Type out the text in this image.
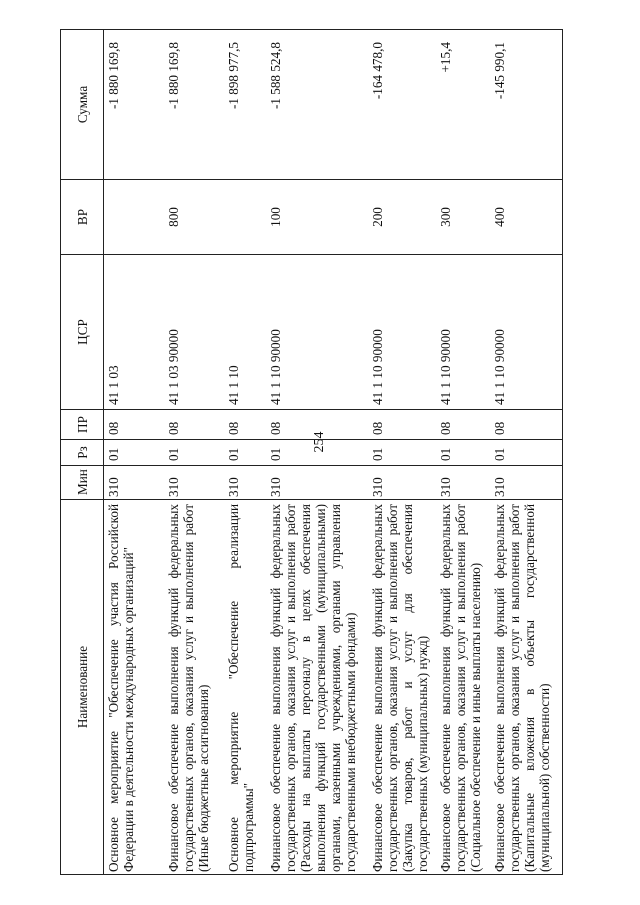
254
Наименование	Мин	Рз	ПР	ЦСР	ВР	Сумма
Основное мероприятие "Обеспечение участия Российской Федерации в деятельности международных организаций"	310	01	08	41 1 03		-1 880 169,8
Финансовое обеспечение выполнения функций федеральных государственных органов, оказания услуг и выполнения работ (Иные бюджетные ассигнования)	310	01	08	41 1 03 90000	800	-1 880 169,8
Основное мероприятие "Обеспечение реализации подпрограммы"	310	01	08	41 1 10		-1 898 977,5
Финансовое обеспечение выполнения функций федеральных государственных органов, оказания услуг и выполнения работ (Расходы на выплаты персоналу в целях обеспечения выполнения функций государственными (муниципальными) органами, казенными учреждениями, органами управления государственными внебюджетными фондами)	310	01	08	41 1 10 90000	100	-1 588 524,8
Финансовое обеспечение выполнения функций федеральных государственных органов, оказания услуг и выполнения работ (Закупка товаров, работ и услуг для обеспечения государственных (муниципальных) нужд)	310	01	08	41 1 10 90000	200	-164 478,0
Финансовое обеспечение выполнения функций федеральных государственных органов, оказания услуг и выполнения работ (Социальное обеспечение и иные выплаты населению)	310	01	08	41 1 10 90000	300	+15,4
Финансовое обеспечение выполнения функций федеральных государственных органов, оказания услуг и выполнения работ (Капитальные вложения в объекты государственной (муниципальной) собственности)	310	01	08	41 1 10 90000	400	-145 990,1
